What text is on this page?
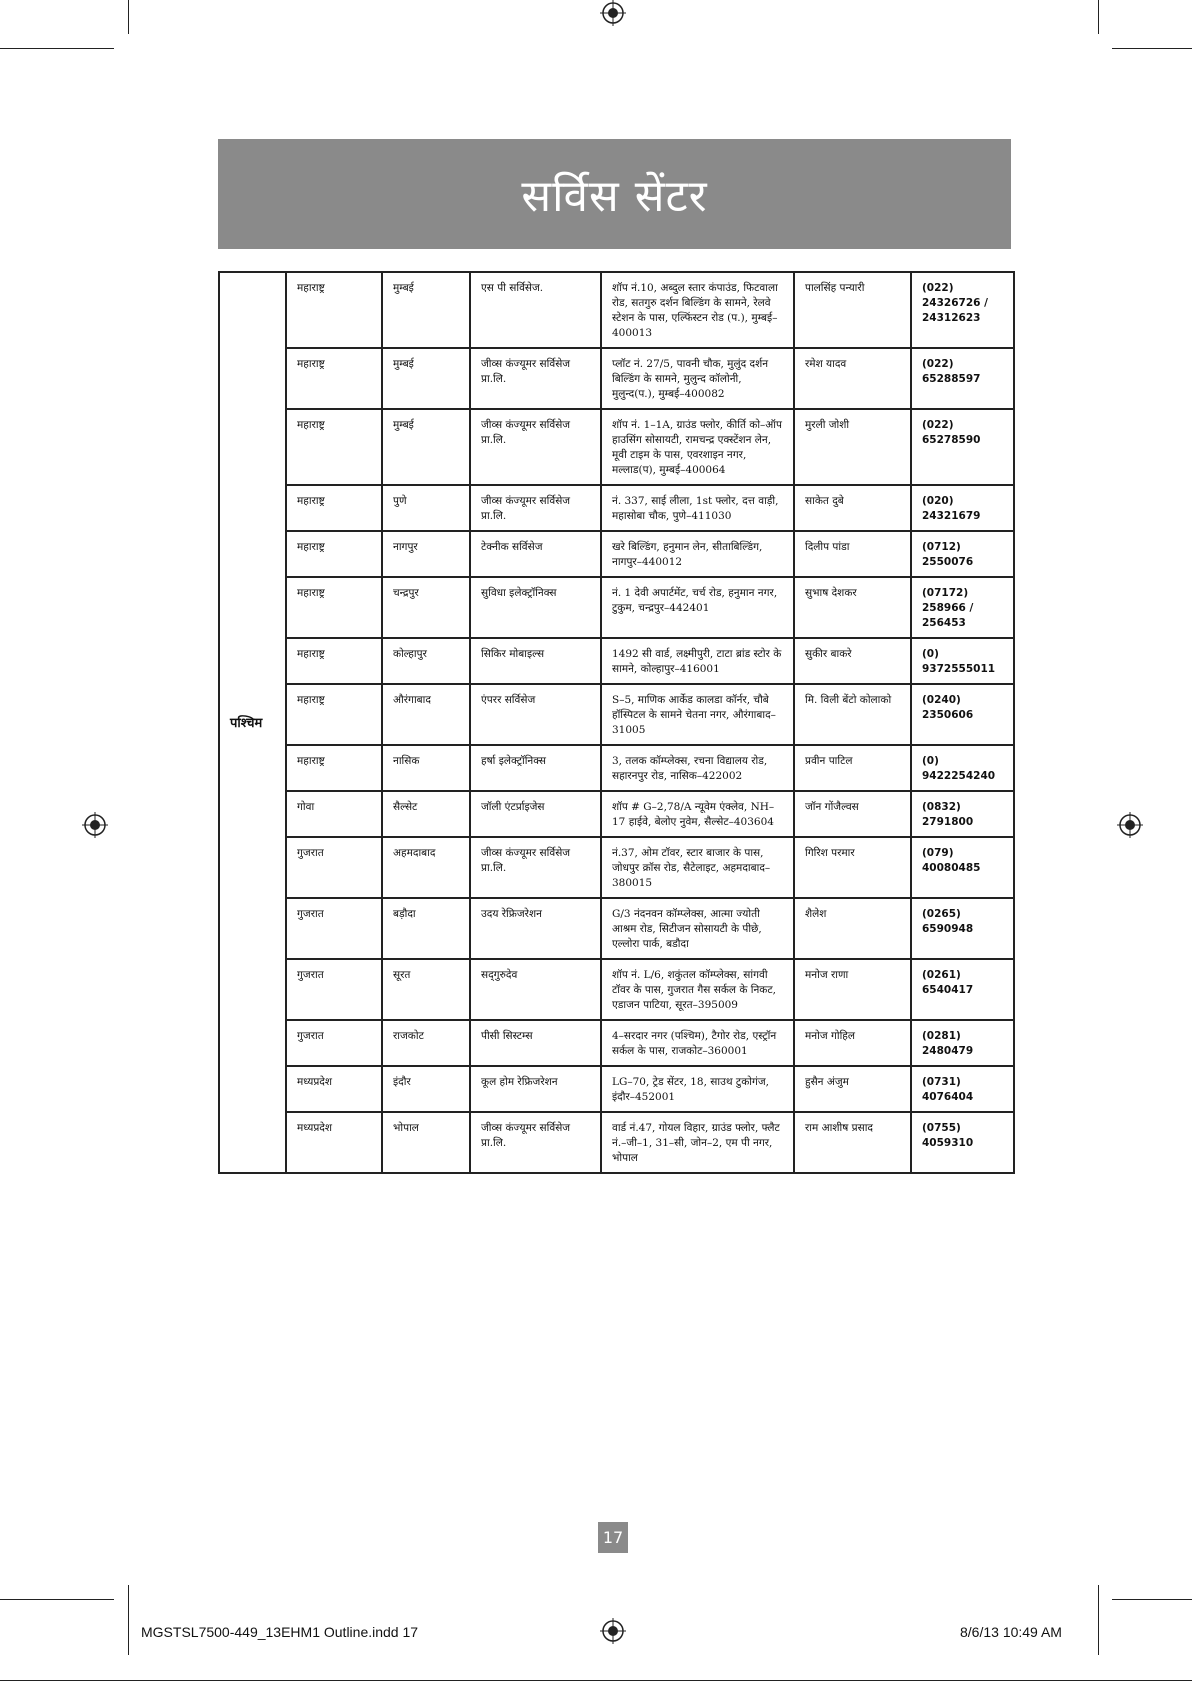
सर्विस सेंटर
पश्चिम	महाराष्ट्र	मुम्बई	एस पी सर्विसेज.	शॉप नं.10, अब्दुल स्तार कंपाउंड, फिटवाला रोड, सतगुरु दर्शन बिल्डिंग के सामने, रेलवे स्टेशन के पास, एल्फिंस्टन रोड (प.), मुम्बई–400013	पालसिंह पन्यारी	(022) 24326726 / 24312623
	महाराष्ट्र	मुम्बई	जीव्स कंज्यूमर सर्विसेज प्रा.लि.	प्लॉट नं. 27/5, पावनी चौक, मुलुंद दर्शन बिल्डिंग के सामने, मुलुन्द कॉलोनी, मुलुन्द(प.), मुम्बई–400082	रमेश यादव	(022) 65288597
	महाराष्ट्र	मुम्बई	जीव्स कंज्यूमर सर्विसेज प्रा.लि.	शॉप नं. 1–1A, ग्राउंड फ्लोर, कीर्ति को–ऑप हाउसिंग सोसायटी, रामचन्द्र एक्स्टेंशन लेन, मूवी टाइम के पास, एवरशाइन नगर, मल्लाड(प), मुम्बई–400064	मुरली जोशी	(022) 65278590
	महाराष्ट्र	पुणे	जीव्स कंज्यूमर सर्विसेज प्रा.लि.	नं. 337, साई लीला, 1st फ्लोर, दत्त वाड़ी, महासोबा चौक, पुणे–411030	साकेत दुबे	(020) 24321679
	महाराष्ट्र	नागपुर	टेक्नीक सर्विसेज	खरे बिल्डिंग, हनुमान लेन, सीताबिल्डिंग, नागपुर–440012	दिलीप पांडा	(0712) 2550076
	महाराष्ट्र	चन्द्रपुर	सुविधा इलेक्ट्रॉनिक्स	नं. 1 देवी अपार्टमेंट, चर्च रोड, हनुमान नगर, टुकुम, चन्द्रपुर–442401	सुभाष देशकर	(07172) 258966 / 256453
	महाराष्ट्र	कोल्हापुर	सिकिर मोबाइल्स	1492 सी वार्ड, लक्ष्मीपुरी, टाटा ब्रांड स्टोर के सामने, कोल्हापुर–416001	सुकीर बाकरे	(0) 9372555011
	महाराष्ट्र	औरंगाबाद	एंपरर सर्विसेज	S–5, माणिक आर्केड कालडा कॉर्नर, चौबे हॉस्पिटल के सामने चेतना नगर, औरंगाबाद–31005	मि. विली बेंटो कोलाको	(0240) 2350606
	महाराष्ट्र	नासिक	हर्षा इलेक्ट्रॉनिक्स	3, तलक कॉम्प्लेक्स, रचना विद्यालय रोड, सहारनपुर रोड, नासिक–422002	प्रवीन पाटिल	(0) 9422254240
	गोवा	सैल्सेट	जॉली एंटर्प्राइजेस	शॉप # G–2,78/A न्यूवेम एंक्लेव, NH–17 हाईवे, बेलोए नुवेम, सैल्सेट–403604	जॉन गोंजैल्वस	(0832) 2791800
	गुजरात	अहमदाबाद	जीव्स कंज्यूमर सर्विसेज प्रा.लि.	नं.37, ओम टॉवर, स्टार बाजार के पास, जोधपुर क्रॉस रोड, सैटेलाइट, अहमदाबाद–380015	गिरिश परमार	(079) 40080485
	गुजरात	बड़ौदा	उदय रेफ्रिजरेशन	G/3 नंदनवन कॉम्प्लेक्स, आत्मा ज्योती आश्रम रोड, सिटीजन सोसायटी के पीछे, एल्लोरा पार्क, बडौदा	शैलेश	(0265) 6590948
	गुजरात	सूरत	सद्‌गुरुदेव	शॉप नं. L/6, शकुंतल कॉम्प्लेक्स, सांगवी टॉवर के पास, गुजरात गैस सर्कल के निकट, एडाजन पाटिया, सूरत–395009	मनोज राणा	(0261) 6540417
	गुजरात	राजकोट	पीसी सिस्टम्स	4–सरदार नगर (पश्चिम), टैगोर रोड, एस्ट्रॉन सर्कल के पास, राजकोट–360001	मनोज गोहिल	(0281) 2480479
	मध्यप्रदेश	इंदौर	कूल होम रेफ्रिजरेशन	LG–70, ट्रेड सेंटर, 18, साउथ टुकोगंज, इंदौर–452001	हुसैन अंजुम	(0731) 4076404
	मध्यप्रदेश	भोपाल	जीव्स कंज्यूमर सर्विसेज प्रा.लि.	वार्ड नं.47, गोयल विहार, ग्राउंड फ्लोर, फ्लैट नं.–जी–1, 31–सी, जोन–2, एम पी नगर, भोपाल	राम आशीष प्रसाद	(0755) 4059310
17
MGSTSL7500-449_13EHM1 Outline.indd 17	8/6/13 10:49 AM
